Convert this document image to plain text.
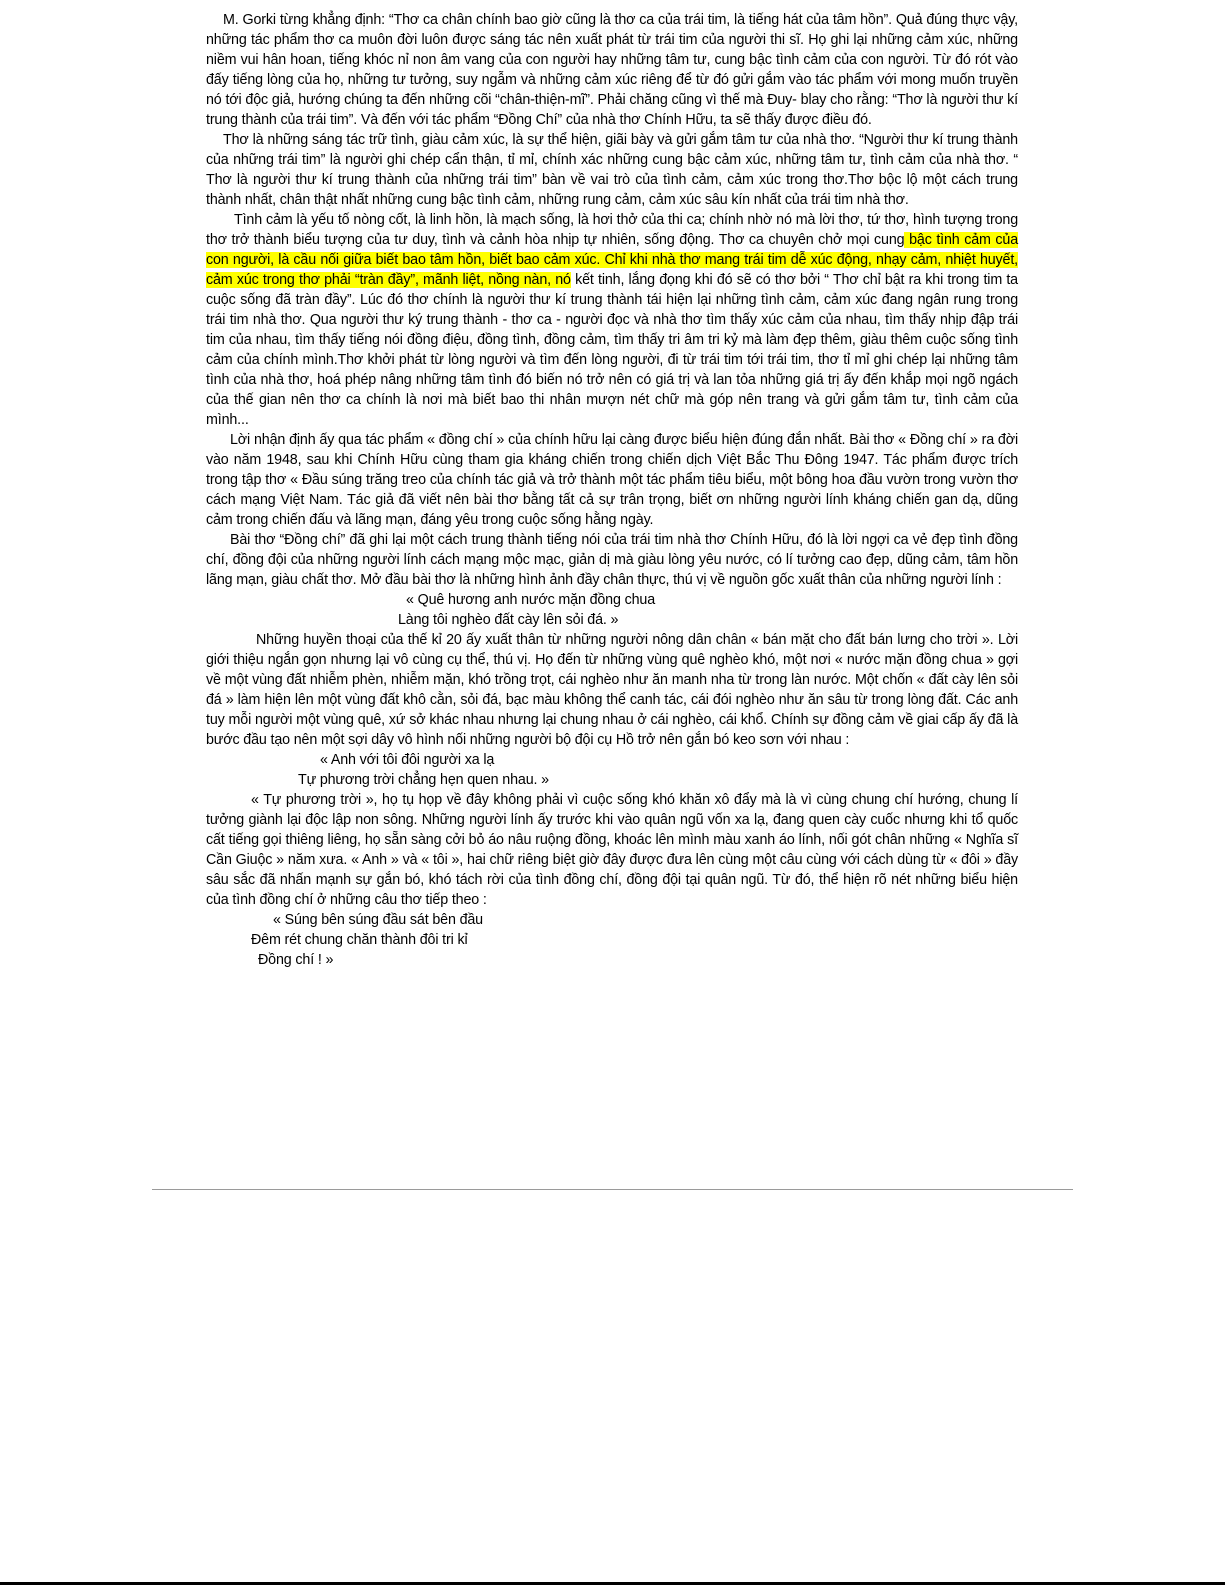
M. Gorki từng khẳng định: “Thơ ca chân chính bao giờ cũng là thơ ca của trái tim, là tiếng hát của tâm hồn”. Quả đúng thực vậy, những tác phẩm thơ ca muôn đời luôn được sáng tác nên xuất phát từ trái tim của người thi sĩ. Họ ghi lại những cảm xúc, những niềm vui hân hoan, tiếng khóc nỉ non âm vang của con người hay những tâm tư, cung bậc tình cảm của con người. Từ đó rót vào đấy tiếng lòng của họ, những tư tưởng, suy ngẫm và những cảm xúc riêng để từ đó gửi gắm vào tác phẩm với mong muốn truyền nó tới độc giả, hướng chúng ta đến những cõi “chân-thiện-mĩ”. Phải chăng cũng vì thế mà Đuy- blay cho rằng: “Thơ là người thư kí trung thành của trái tim”. Và đến với tác phẩm “Đồng Chí” của nhà thơ Chính Hữu, ta sẽ thấy được điều đó.

Thơ là những sáng tác trữ tình, giàu cảm xúc, là sự thể hiện, giãi bày và gửi gắm tâm tư của nhà thơ. “Người thư kí trung thành của những trái tim” là người ghi chép cẩn thận, tỉ mỉ, chính xác những cung bậc cảm xúc, những tâm tư, tình cảm của nhà thơ. “ Thơ là người thư kí trung thành của những trái tim” bàn về vai trò của tình cảm, cảm xúc trong thơ.Thơ bộc lộ một cách trung thành nhất, chân thật nhất những cung bậc tình cảm, những rung cảm, cảm xúc sâu kín nhất của trái tim nhà thơ.

Tình cảm là yếu tố nòng cốt, là linh hồn, là mạch sống, là hơi thở của thi ca; chính nhờ nó mà lời thơ, tứ thơ, hình tượng trong thơ trở thành biểu tượng của tư duy, tình và cảnh hòa nhịp tự nhiên, sống động. Thơ ca chuyên chở mọi cung bậc tình cảm của con người, là cầu nối giữa biết bao tâm hồn, biết bao cảm xúc. Chỉ khi nhà thơ mang trái tim dễ xúc động, nhạy cảm, nhiệt huyết, cảm xúc trong thơ phải “tràn đầy”, mãnh liệt, nồng nàn, nó kết tinh, lắng đọng khi đó sẽ có thơ bởi “ Thơ chỉ bật ra khi trong tim ta cuộc sống đã tràn đầy”. Lúc đó thơ chính là người thư kí trung thành tái hiện lại những tình cảm, cảm xúc đang ngân rung trong trái tim nhà thơ. Qua người thư ký trung thành - thơ ca - người đọc và nhà thơ tìm thấy xúc cảm của nhau, tìm thấy nhịp đập trái tim của nhau, tìm thấy tiếng nói đồng điệu, đồng tình, đồng cảm, tìm thấy tri âm tri kỷ mà làm đẹp thêm, giàu thêm cuộc sống tình cảm của chính mình.Thơ khởi phát từ lòng người và tìm đến lòng người, đi từ trái tim tới trái tim, thơ tỉ mỉ ghi chép lại những tâm tình của nhà thơ, hoá phép nâng những tâm tình đó biến nó trở nên có giá trị và lan tỏa những giá trị ấy đến khắp mọi ngõ ngách của thế gian nên thơ ca chính là nơi mà biết bao thi nhân mượn nét chữ mà góp nên trang và gửi gắm tâm tư, tình cảm của mình...

Lời nhận định ấy qua tác phẩm « đồng chí » của chính hữu lại càng được biểu hiện đúng đắn nhất. Bài thơ « Đồng chí » ra đời vào năm 1948, sau khi Chính Hữu cùng tham gia kháng chiến trong chiến dịch Việt Bắc Thu Đông 1947. Tác phẩm được trích trong tập thơ « Đầu súng trăng treo của chính tác giả và trở thành một tác phẩm tiêu biểu, một bông hoa đầu vườn trong vườn thơ cách mạng Việt Nam. Tác giả đã viết nên bài thơ bằng tất cả sự trân trọng, biết ơn những người lính kháng chiến gan dạ, dũng cảm trong chiến đấu và lãng mạn, đáng yêu trong cuộc sống hằng ngày.

Bài thơ “Đồng chí” đã ghi lại một cách trung thành tiếng nói của trái tim nhà thơ Chính Hữu, đó là lời ngợi ca vẻ đẹp tình đồng chí, đồng đội của những người lính cách mạng mộc mạc, giản dị mà giàu lòng yêu nước, có lí tưởng cao đẹp, dũng cảm, tâm hồn lãng mạn, giàu chất thơ. Mở đầu bài thơ là những hình ảnh đầy chân thực, thú vị về nguồn gốc xuất thân của những người lính :

« Quê hương anh nước mặn đồng chua

Làng tôi nghèo đất cày lên sỏi đá. »

Những huyền thoại của thế kỉ 20 ấy xuất thân từ những người nông dân chân « bán mặt cho đất bán lưng cho trời ». Lời giới thiệu ngắn gọn nhưng lại vô cùng cụ thể, thú vị. Họ đến từ những vùng quê nghèo khó, một nơi « nước mặn đồng chua » gợi về một vùng đất nhiễm phèn, nhiễm mặn, khó trồng trọt, cái nghèo như ăn manh nha từ trong làn nước. Một chốn « đất cày lên sỏi đá » làm hiện lên một vùng đất khô cằn, sỏi đá, bạc màu không thể canh tác, cái đói nghèo như ăn sâu từ trong lòng đất. Các anh tuy mỗi người một vùng quê, xứ sở khác nhau nhưng lại chung nhau ở cái nghèo, cái khổ. Chính sự đồng cảm về giai cấp ấy đã là bước đầu tạo nên một sợi dây vô hình nối những người bộ đội cụ Hồ trở nên gắn bó keo sơn với nhau :

« Anh với tôi đôi người xa lạ

Tự phương trời chẳng hẹn quen nhau. »

« Tự phương trời », họ tụ họp về đây không phải vì cuộc sống khó khăn xô đẩy mà là vì cùng chung chí hướng, chung lí tưởng giành lại độc lập non sông. Những người lính ấy trước khi vào quân ngũ vốn xa lạ, đang quen cày cuốc nhưng khi tổ quốc cất tiếng gọi thiêng liêng, họ sẵn sàng cởi bỏ áo nâu ruộng đồng, khoác lên mình màu xanh áo lính, nối gót chân những « Nghĩa sĩ Cần Giuộc » năm xưa. « Anh » và « tôi », hai chữ riêng biệt giờ đây được đưa lên cùng một câu cùng với cách dùng từ « đôi » đầy sâu sắc đã nhấn mạnh sự gắn bó, khó tách rời của tình đồng chí, đồng đội tại quân ngũ. Từ đó, thể hiện rõ nét những biểu hiện của tình đồng chí ở những câu thơ tiếp theo :

« Súng bên súng đầu sát bên đầu

Đêm rét chung chăn thành đôi tri kỉ

Đồng chí ! »
